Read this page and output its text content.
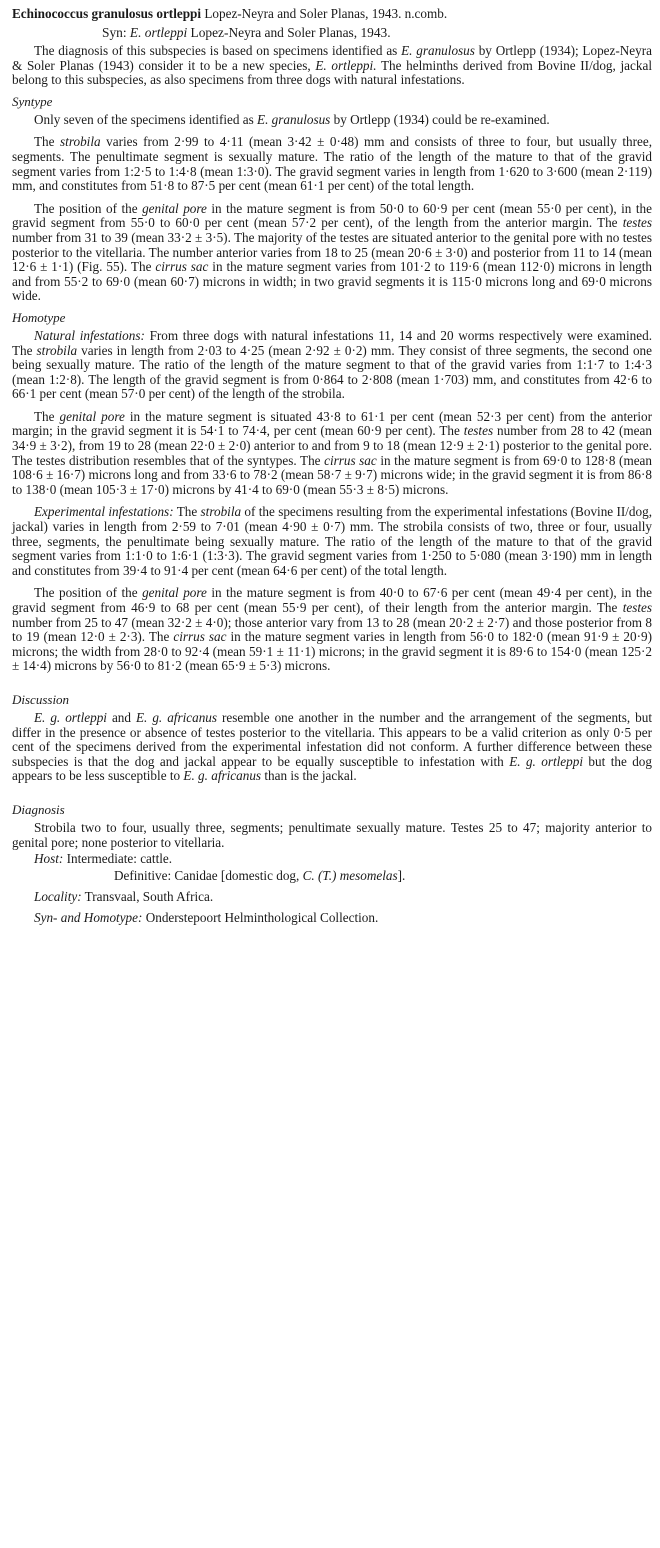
Echinococcus granulosus ortleppi Lopez-Neyra and Soler Planas, 1943. n.comb.

Syn: E. ortleppi Lopez-Neyra and Soler Planas, 1943.

The diagnosis of this subspecies is based on specimens identified as E. granulosus by Ortlepp (1934); Lopez-Neyra & Soler Planas (1943) consider it to be a new species, E. ortleppi. The helminths derived from Bovine II/dog, jackal belong to this subspecies, as also specimens from three dogs with natural infestations.

Syntype

Only seven of the specimens identified as E. granulosus by Ortlepp (1934) could be re-examined.

The strobila varies from 2·99 to 4·11 (mean 3·42 ± 0·48) mm and consists of three to four, but usually three, segments. The penultimate segment is sexually mature. The ratio of the length of the mature to that of the gravid segment varies from 1:2·5 to 1:4·8 (mean 1:3·0). The gravid segment varies in length from 1·620 to 3·600 (mean 2·119) mm, and constitutes from 51·8 to 87·5 per cent (mean 61·1 per cent) of the total length.

The position of the genital pore in the mature segment is from 50·0 to 60·9 per cent (mean 55·0 per cent), in the gravid segment from 55·0 to 60·0 per cent (mean 57·2 per cent), of the length from the anterior margin. The testes number from 31 to 39 (mean 33·2 ± 3·5). The majority of the testes are situated anterior to the genital pore with no testes posterior to the vitellaria. The number anterior varies from 18 to 25 (mean 20·6 ± 3·0) and posterior from 11 to 14 (mean 12·6 ± 1·1) (Fig. 55). The cirrus sac in the mature segment varies from 101·2 to 119·6 (mean 112·0) microns in length and from 55·2 to 69·0 (mean 60·7) microns in width; in two gravid segments it is 115·0 microns long and 69·0 microns wide.

Homotype

Natural infestations: From three dogs with natural infestations 11, 14 and 20 worms respectively were examined. The strobila varies in length from 2·03 to 4·25 (mean 2·92 ± 0·2) mm. They consist of three segments, the second one being sexually mature. The ratio of the length of the mature segment to that of the gravid varies from 1:1·7 to 1:4·3 (mean 1:2·8). The length of the gravid segment is from 0·864 to 2·808 (mean 1·703) mm, and constitutes from 42·6 to 66·1 per cent (mean 57·0 per cent) of the length of the strobila.

The genital pore in the mature segment is situated 43·8 to 61·1 per cent (mean 52·3 per cent) from the anterior margin; in the gravid segment it is 54·1 to 74·4, per cent (mean 60·9 per cent). The testes number from 28 to 42 (mean 34·9 ± 3·2), from 19 to 28 (mean 22·0 ± 2·0) anterior to and from 9 to 18 (mean 12·9 ± 2·1) posterior to the genital pore. The testes distribution resembles that of the syntypes. The cirrus sac in the mature segment is from 69·0 to 128·8 (mean 108·6 ± 16·7) microns long and from 33·6 to 78·2 (mean 58·7 ± 9·7) microns wide; in the gravid segment it is from 86·8 to 138·0 (mean 105·3 ± 17·0) microns by 41·4 to 69·0 (mean 55·3 ± 8·5) microns.

Experimental infestations: The strobila of the specimens resulting from the experimental infestations (Bovine II/dog, jackal) varies in length from 2·59 to 7·01 (mean 4·90 ± 0·7) mm. The strobila consists of two, three or four, usually three, segments, the penultimate being sexually mature. The ratio of the length of the mature to that of the gravid segment varies from 1:1·0 to 1:6·1 (1:3·3). The gravid segment varies from 1·250 to 5·080 (mean 3·190) mm in length and constitutes from 39·4 to 91·4 per cent (mean 64·6 per cent) of the total length.

The position of the genital pore in the mature segment is from 40·0 to 67·6 per cent (mean 49·4 per cent), in the gravid segment from 46·9 to 68 per cent (mean 55·9 per cent), of their length from the anterior margin. The testes number from 25 to 47 (mean 32·2 ± 4·0); those anterior vary from 13 to 28 (mean 20·2 ± 2·7) and those posterior from 8 to 19 (mean 12·0 ± 2·3). The cirrus sac in the mature segment varies in length from 56·0 to 182·0 (mean 91·9 ± 20·9) microns; the width from 28·0 to 92·4 (mean 59·1 ± 11·1) microns; in the gravid segment it is 89·6 to 154·0 (mean 125·2 ± 14·4) microns by 56·0 to 81·2 (mean 65·9 ± 5·3) microns.

Discussion

E. g. ortleppi and E. g. africanus resemble one another in the number and the arrangement of the segments, but differ in the presence or absence of testes posterior to the vitellaria. This appears to be a valid criterion as only 0·5 per cent of the specimens derived from the experimental infestation did not conform. A further difference between these subspecies is that the dog and jackal appear to be equally susceptible to infestation with E. g. ortleppi but the dog appears to be less susceptible to E. g. africanus than is the jackal.

Diagnosis

Strobila two to four, usually three, segments; penultimate sexually mature. Testes 25 to 47; majority anterior to genital pore; none posterior to vitellaria.

Host: Intermediate: cattle.
Definitive: Canidae [domestic dog, C. (T.) mesomelas].
Locality: Transvaal, South Africa.
Syn- and Homotype: Onderstepoort Helminthological Collection.
